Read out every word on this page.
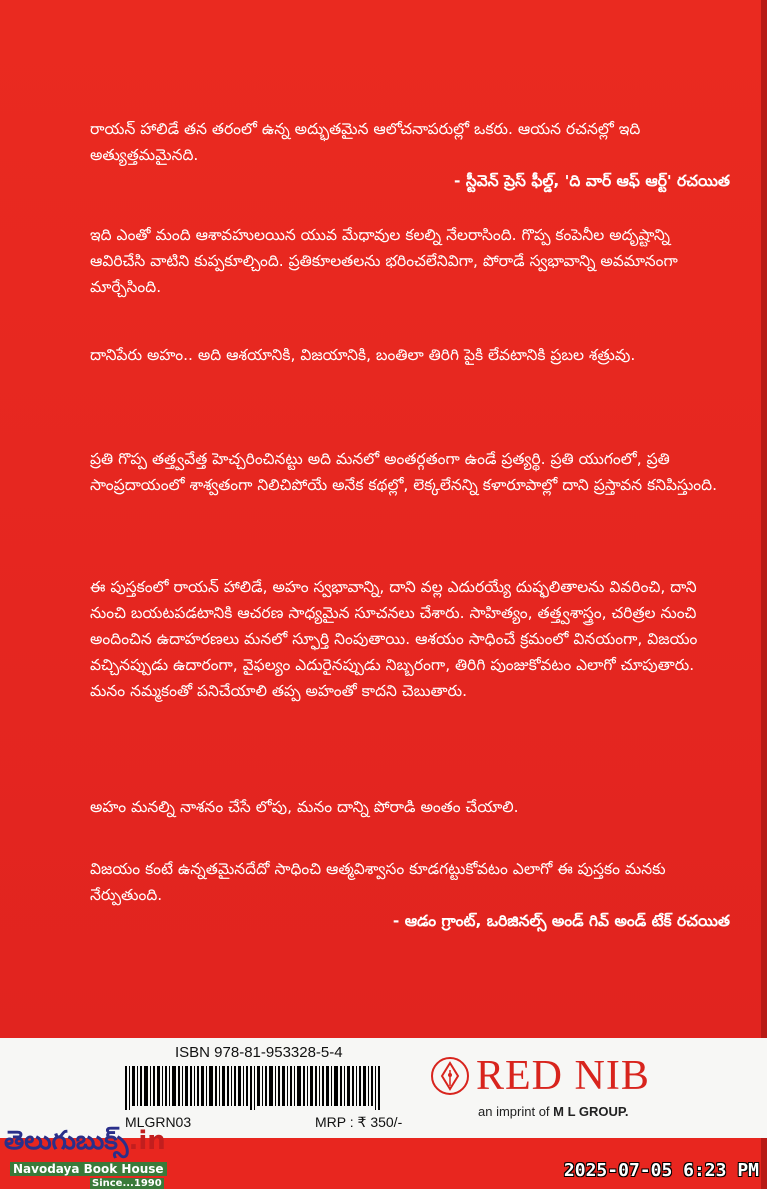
రాయన్ హాలిడే తన తరంలో ఉన్న అద్భుతమైన ఆలోచనాపరుల్లో ఒకరు. ఆయన రచనల్లో ఇది అత్యుత్తమమైనది.

- స్టీవెన్ ప్రెస్ ఫీల్డ్, 'ది వార్ ఆఫ్ ఆర్ట్' రచయిత

ఇది ఎంతో మంది ఆశావహులయిన యువ మేధావుల కలల్ని నేలరాసింది. గొప్ప కంపెనీల అదృష్టాన్ని ఆవిరిచేసి వాటిని కుప్పకూల్చింది. ప్రతికూలతలను భరించలేనివిగా, పోరాడే స్వభావాన్ని అవమానంగా మార్చేసింది.

దానిపేరు అహం.. అది ఆశయానికి, విజయానికి, బంతిలా తిరిగి పైకి లేవటానికి ప్రబల శత్రువు.

ప్రతి గొప్ప తత్త్వవేత్త హెచ్చరించినట్టు అది మనలో అంతర్గతంగా ఉండే ప్రత్యర్థి. ప్రతి యుగంలో, ప్రతి సాంప్రదాయంలో శాశ్వతంగా నిలిచిపోయే అనేక కథల్లో, లెక్కలేనన్ని కళారూపాల్లో దాని ప్రస్తావన కనిపిస్తుంది.

ఈ పుస్తకంలో రాయన్ హాలిడే, అహం స్వభావాన్ని, దాని వల్ల ఎదురయ్యే దుష్ఫలితాలను వివరించి, దాని నుంచి బయటపడటానికి ఆచరణ సాధ్యమైన సూచనలు చేశారు. సాహిత్యం, తత్త్వశాస్త్రం, చరిత్రల నుంచి అందించిన ఉదాహరణలు మనలో స్ఫూర్తి నింపుతాయి. ఆశయం సాధించే క్రమంలో వినయంగా, విజయం వచ్చినప్పుడు ఉదారంగా, వైఫల్యం ఎదురైనప్పుడు నిబ్బరంగా, తిరిగి పుంజుకోవటం ఎలాగో చూపుతారు. మనం నమ్మకంతో పనిచేయాలి తప్ప అహంతో కాదని చెబుతారు.

అహం మనల్ని నాశనం చేసే లోపు, మనం దాన్ని పోరాడి అంతం చేయాలి.

విజయం కంటే ఉన్నతమైనదేదో సాధించి ఆత్మవిశ్వాసం కూడగట్టుకోవటం ఎలాగో ఈ పుస్తకం మనకు నేర్పుతుంది.

- ఆడం గ్రాంట్, ఒరిజినల్స్ అండ్ గివ్ అండ్ టేక్ రచయిత
ISBN 978-81-953328-5-4
MLGRN03	MRP : ₹ 350/-
RED NIB
an imprint of M L GROUP.
తెలుగుబుక్స్.in
Navodaya Book House
Since...1990
2025-07-05 6:23 PM
